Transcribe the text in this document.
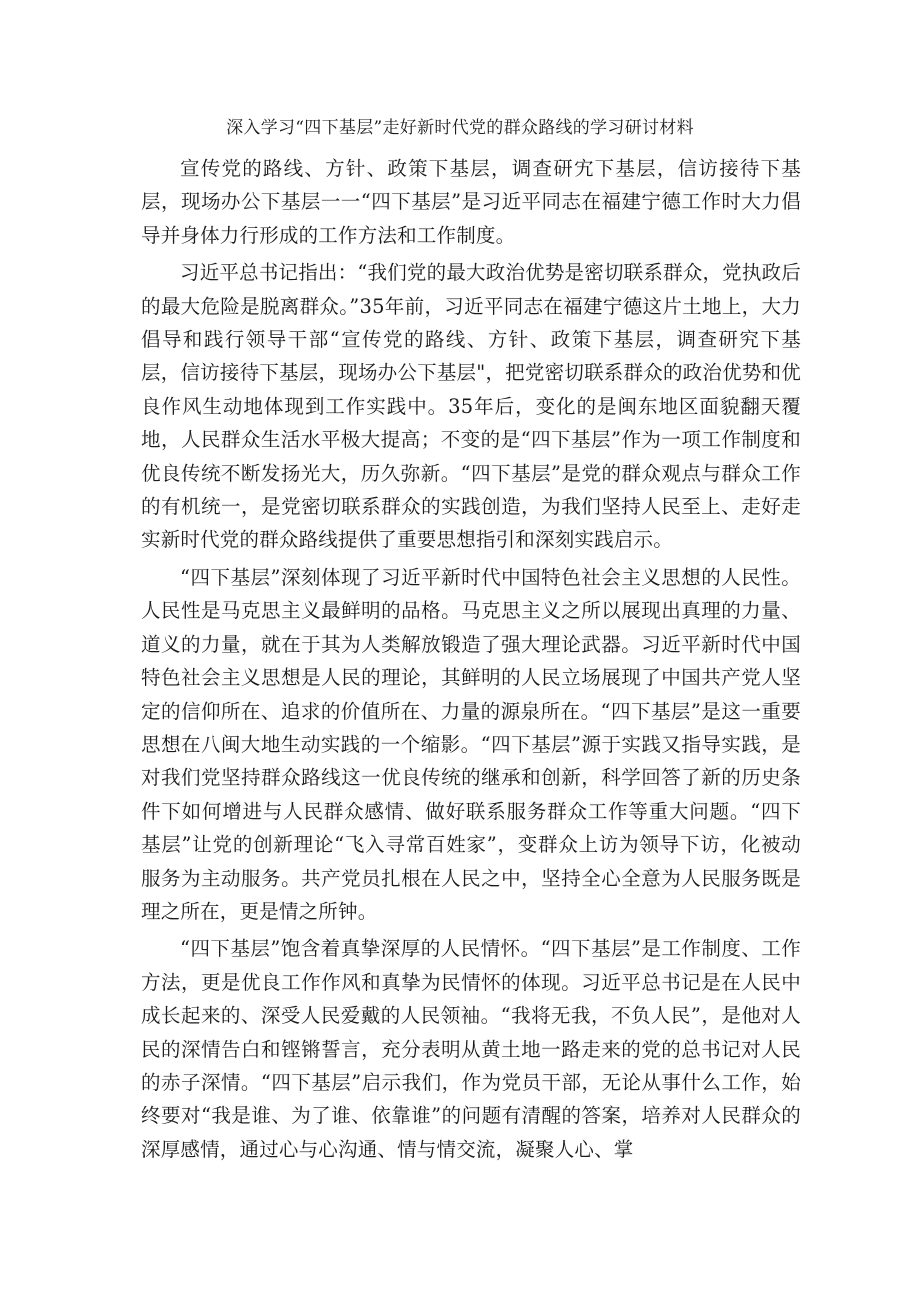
深入学习“四下基层”走好新时代党的群众路线的学习研讨材料

宣传党的路线、方针、政策下基层，调查研宄下基层，信访接待下基层，现场办公下基层一一“四下基层”是习近平同志在福建宁德工作时大力倡导并身体力行形成的工作方法和工作制度。

习近平总书记指出：“我们党的最大政治优势是密切联系群众，党执政后的最大危险是脱离群众。”35年前，习近平同志在福建宁德这片土地上，大力倡导和践行领导干部“宣传党的路线、方针、政策下基层，调查研究下基层，信访接待下基层，现场办公下基层"，把党密切联系群众的政治优势和优良作风生动地体现到工作实践中。35年后，变化的是闽东地区面貌翻天覆地，人民群众生活水平极大提高；不变的是“四下基层”作为一项工作制度和优良传统不断发扬光大，历久弥新。“四下基层”是党的群众观点与群众工作的有机统一，是党密切联系群众的实践创造，为我们坚持人民至上、走好走实新时代党的群众路线提供了重要思想指引和深刻实践启示。

“四下基层”深刻体现了习近平新时代中国特色社会主义思想的人民性。人民性是马克思主义最鲜明的品格。马克思主义之所以展现出真理的力量、道义的力量，就在于其为人类解放锻造了强大理论武器。习近平新时代中国特色社会主义思想是人民的理论，其鲜明的人民立场展现了中国共产党人坚定的信仰所在、追求的价值所在、力量的源泉所在。“四下基层”是这一重要思想在八闽大地生动实践的一个缩影。“四下基层”源于实践又指导实践，是对我们党坚持群众路线这一优良传统的继承和创新，科学回答了新的历史条件下如何增进与人民群众感情、做好联系服务群众工作等重大问题。“四下基层”让党的创新理论“飞入寻常百姓家”，变群众上访为领导下访，化被动服务为主动服务。共产党员扎根在人民之中，坚持全心全意为人民服务既是理之所在，更是情之所钟。

“四下基层”饱含着真挚深厚的人民情怀。“四下基层”是工作制度、工作方法，更是优良工作作风和真挚为民情怀的体现。习近平总书记是在人民中成长起来的、深受人民爱戴的人民领袖。“我将无我，不负人民”，是他对人民的深情告白和铿锵誓言，充分表明从黄土地一路走来的党的总书记对人民的赤子深情。“四下基层”启示我们，作为党员干部，无论从事什么工作，始终要对“我是谁、为了谁、依靠谁”的问题有清醒的答案，培养对人民群众的深厚感情，通过心与心沟通、情与情交流，凝聚人心、掌
